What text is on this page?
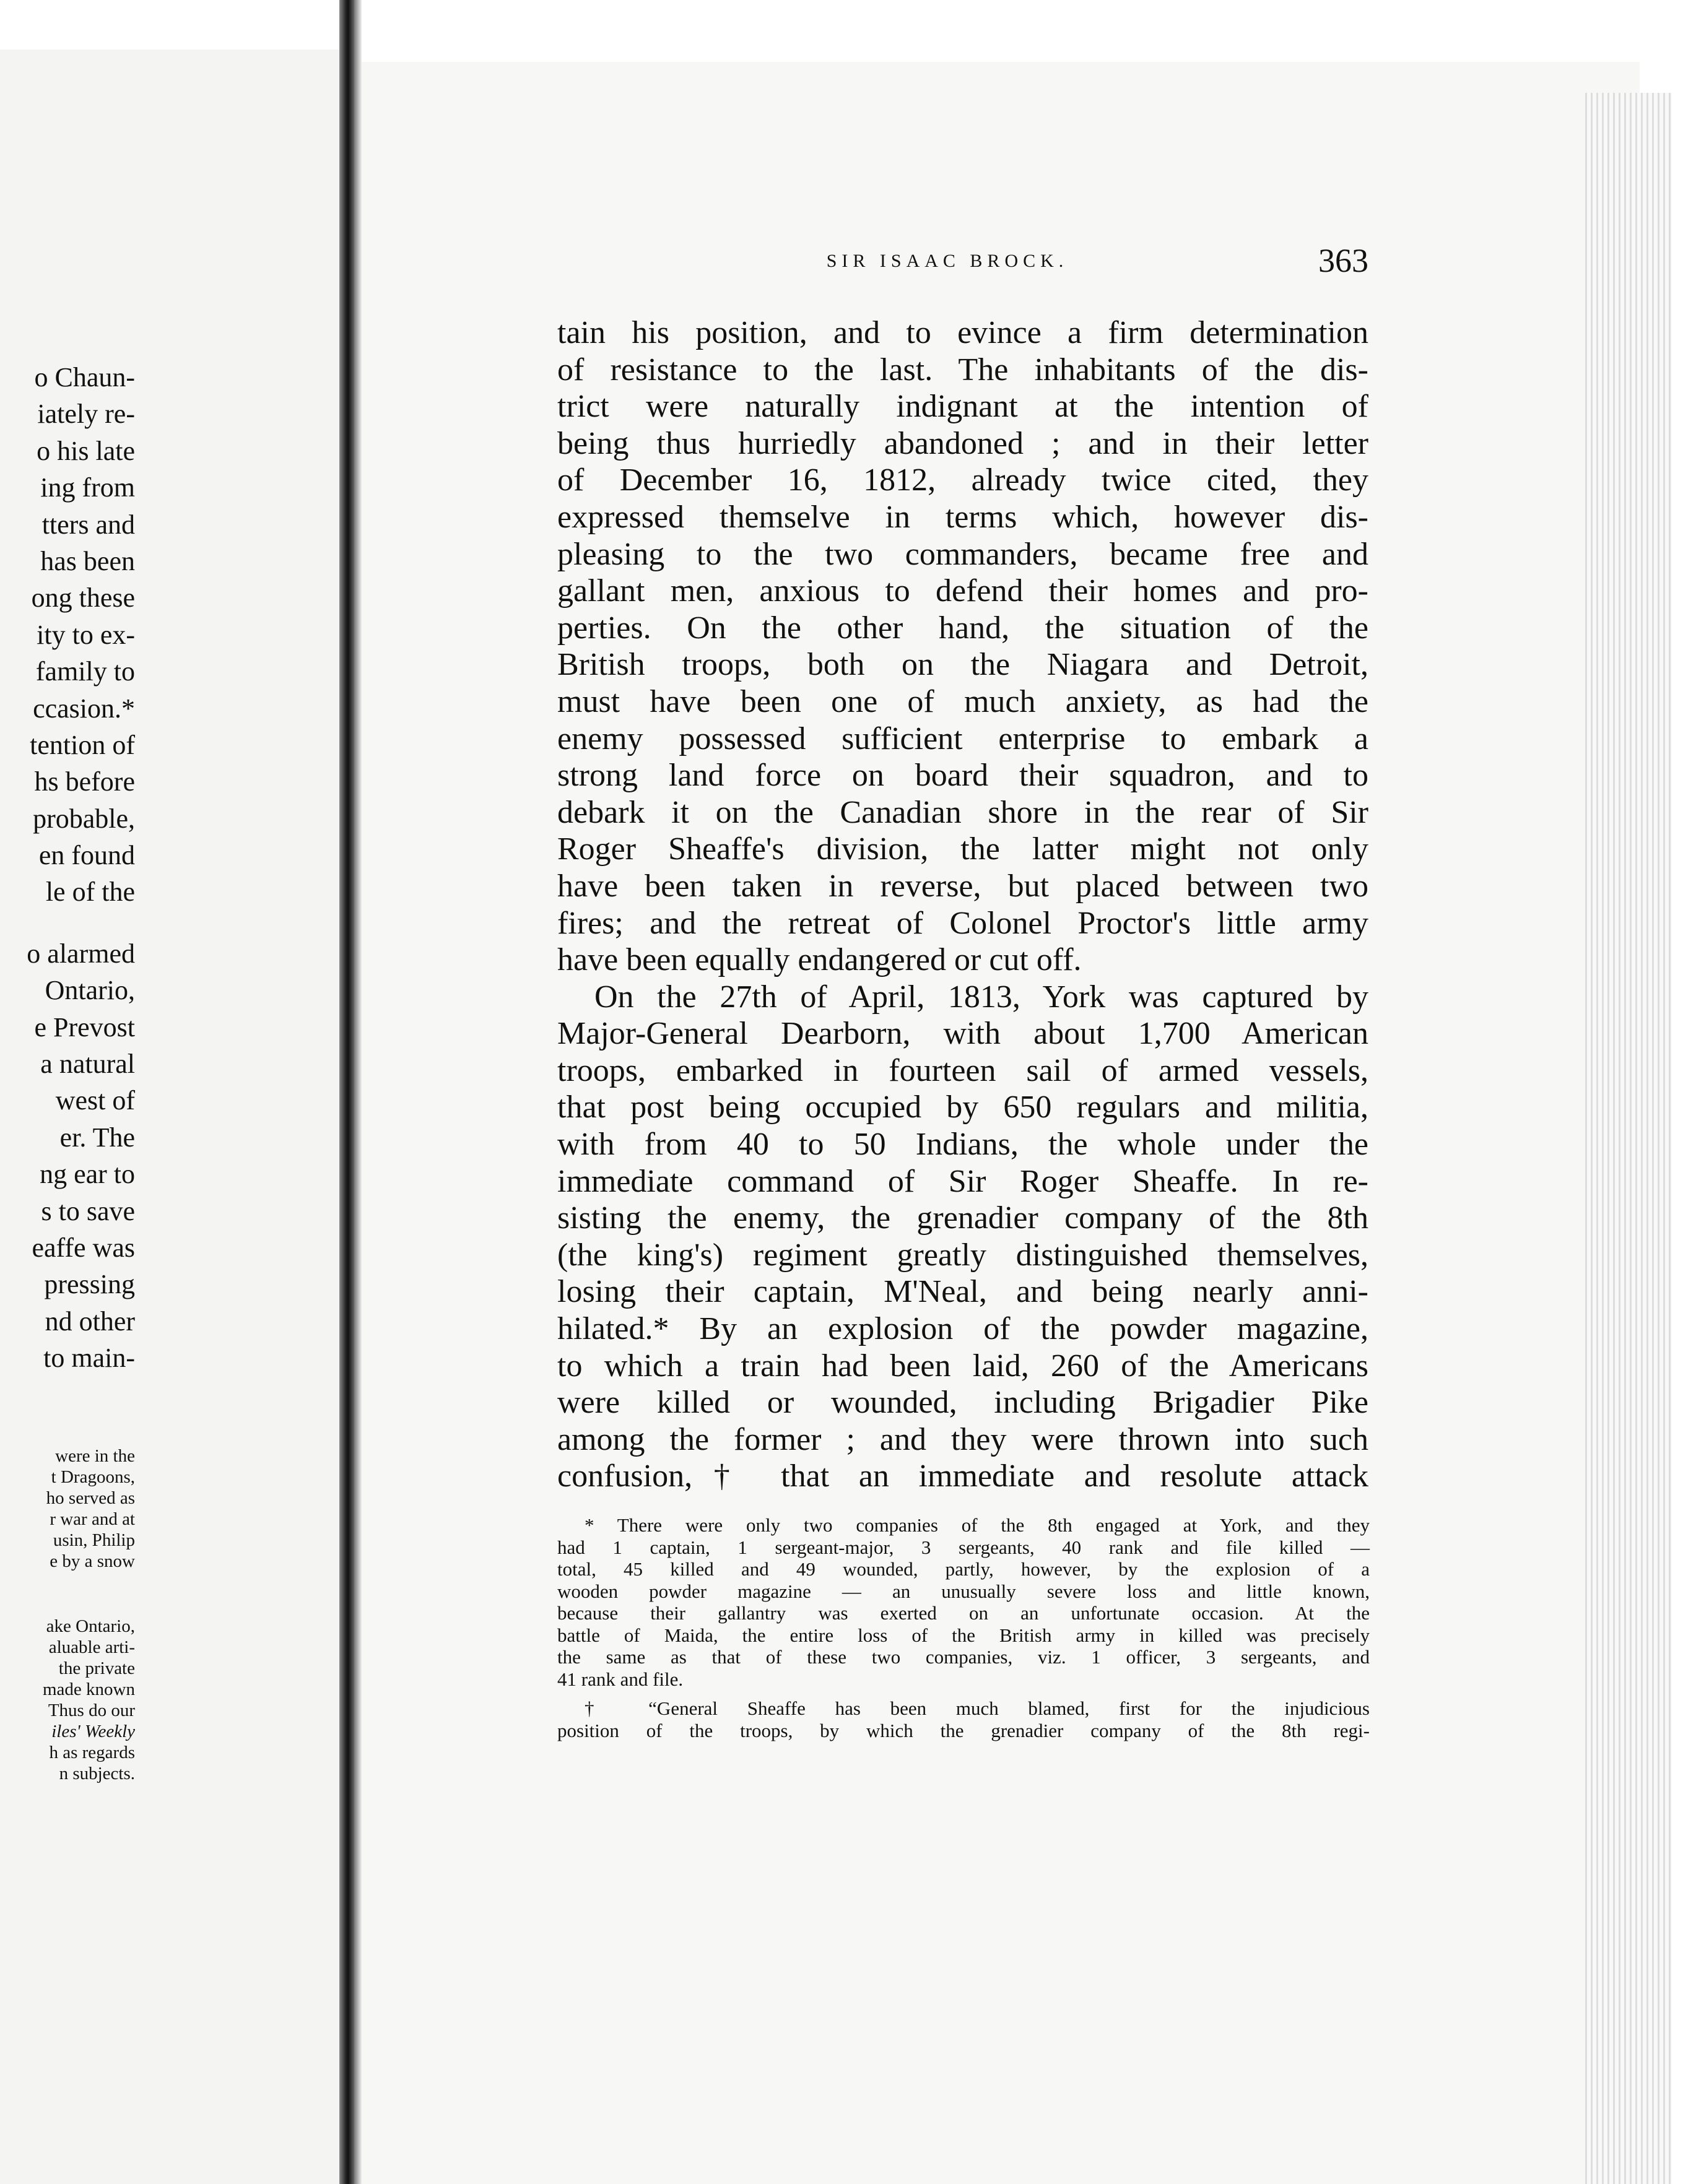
o Chaun-
iately re-
o his late
ing from
tters and
has been
ong these
ity to ex-
family to
ccasion.*
tention of
hs before
probable,
en found
le of the
o alarmed
Ontario,
e Prevost
a natural
west of
er. The
ng ear to
s to save
eaffe was
pressing
nd other
to main-
were in the
t Dragoons,
ho served as
r war and at
usin, Philip
e by a snow
ake Ontario,
aluable arti-
the private
made known
Thus do our
iles' Weekly
h as regards
n subjects.
SIR ISAAC BROCK.	363
tain his position, and to evince a firm determination
of resistance to the last. The inhabitants of the dis-
trict were naturally indignant at the intention of
being thus hurriedly abandoned ; and in their letter
of December 16, 1812, already twice cited, they
expressed themselve in terms which, however dis-
pleasing to the two commanders, became free and
gallant men, anxious to defend their homes and pro-
perties. On the other hand, the situation of the
British troops, both on the Niagara and Detroit,
must have been one of much anxiety, as had the
enemy possessed sufficient enterprise to embark a
strong land force on board their squadron, and to
debark it on the Canadian shore in the rear of Sir
Roger Sheaffe's division, the latter might not only
have been taken in reverse, but placed between two
fires; and the retreat of Colonel Proctor's little army
have been equally endangered or cut off.
On the 27th of April, 1813, York was captured by
Major-General Dearborn, with about 1,700 American
troops, embarked in fourteen sail of armed vessels,
that post being occupied by 650 regulars and militia,
with from 40 to 50 Indians, the whole under the
immediate command of Sir Roger Sheaffe. In re-
sisting the enemy, the grenadier company of the 8th
(the king's) regiment greatly distinguished themselves,
losing their captain, M'Neal, and being nearly anni-
hilated.* By an explosion of the powder magazine,
to which a train had been laid, 260 of the Americans
were killed or wounded, including Brigadier Pike
among the former ; and they were thrown into such
confusion,† that an immediate and resolute attack
* There were only two companies of the 8th engaged at York, and they
had 1 captain, 1 sergeant-major, 3 sergeants, 40 rank and file killed —
total, 45 killed and 49 wounded, partly, however, by the explosion of a
wooden powder magazine — an unusually severe loss and little known,
because their gallantry was exerted on an unfortunate occasion. At the
battle of Maida, the entire loss of the British army in killed was precisely
the same as that of these two companies, viz. 1 officer, 3 sergeants, and
41 rank and file.
† “General Sheaffe has been much blamed, first for the injudicious
position of the troops, by which the grenadier company of the 8th regi-
